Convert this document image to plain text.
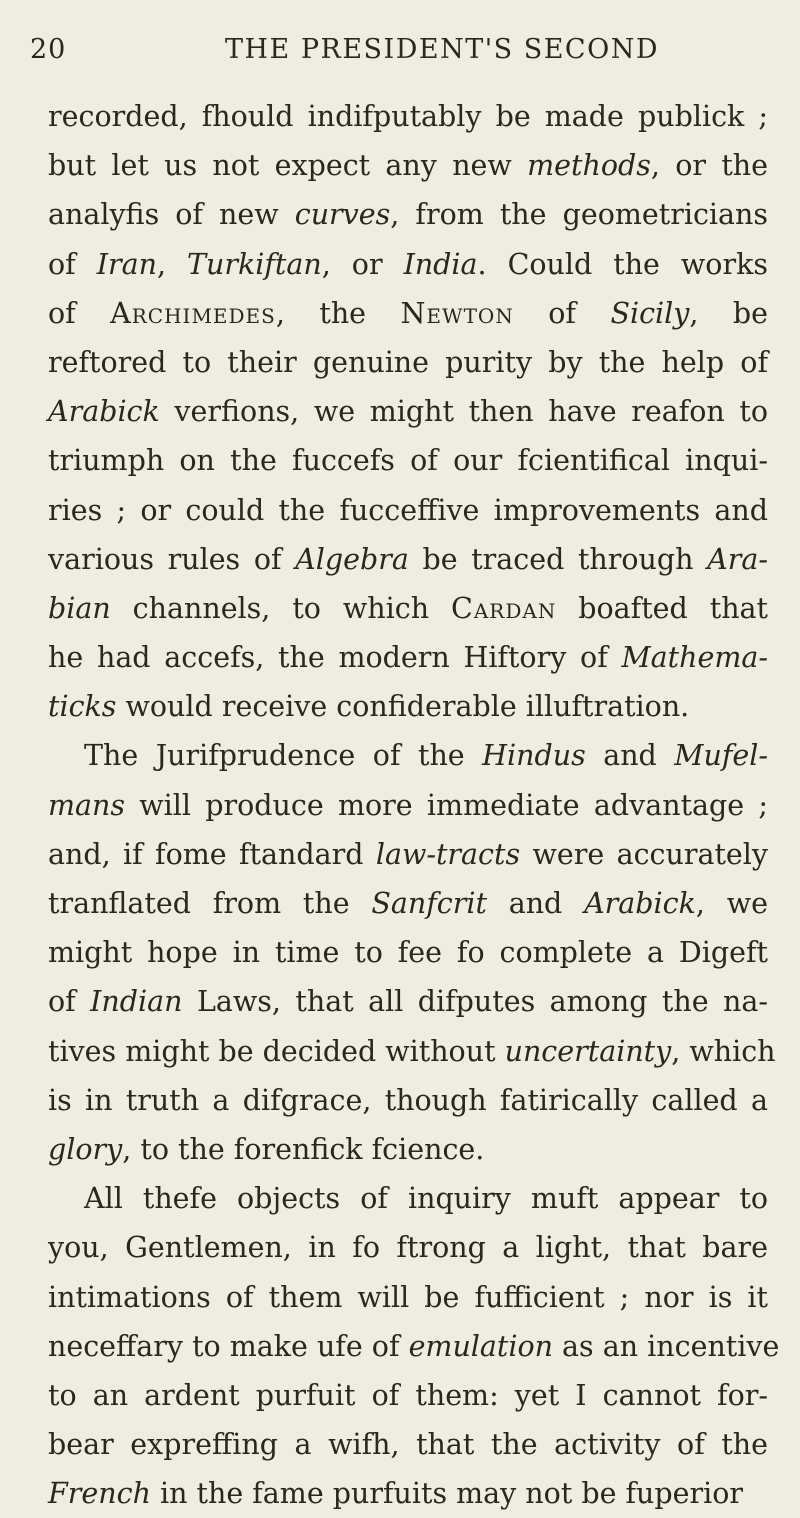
20	THE PRESIDENT'S SECOND
recorded, fhould indifputably be made publick ;
but let us not expect any new methods, or the
analyfis of new curves, from the geometricians
of Iran, Turkiftan, or India. Could the works
of Archimedes, the Newton of Sicily, be
reftored to their genuine purity by the help of
Arabick verfions, we might then have reafon to
triumph on the fuccefs of our fcientifical inqui-
ries ; or could the fucceffive improvements and
various rules of Algebra be traced through Ara-
bian channels, to which Cardan boafted that
he had accefs, the modern Hiftory of Mathema-
ticks would receive confiderable illuftration.
The Jurifprudence of the Hindus and Mufel-
mans will produce more immediate advantage ;
and, if fome ftandard law-tracts were accurately
tranflated from the Sanfcrit and Arabick, we
might hope in time to fee fo complete a Digeft
of Indian Laws, that all difputes among the na-
tives might be decided without uncertainty, which
is in truth a difgrace, though fatirically called a
glory, to the forenfick fcience.
All thefe objects of inquiry muft appear to
you, Gentlemen, in fo ftrong a light, that bare
intimations of them will be fufficient ; nor is it
neceffary to make ufe of emulation as an incentive
to an ardent purfuit of them: yet I cannot for-
bear expreffing a wifh, that the activity of the
French in the fame purfuits may not be fuperior
